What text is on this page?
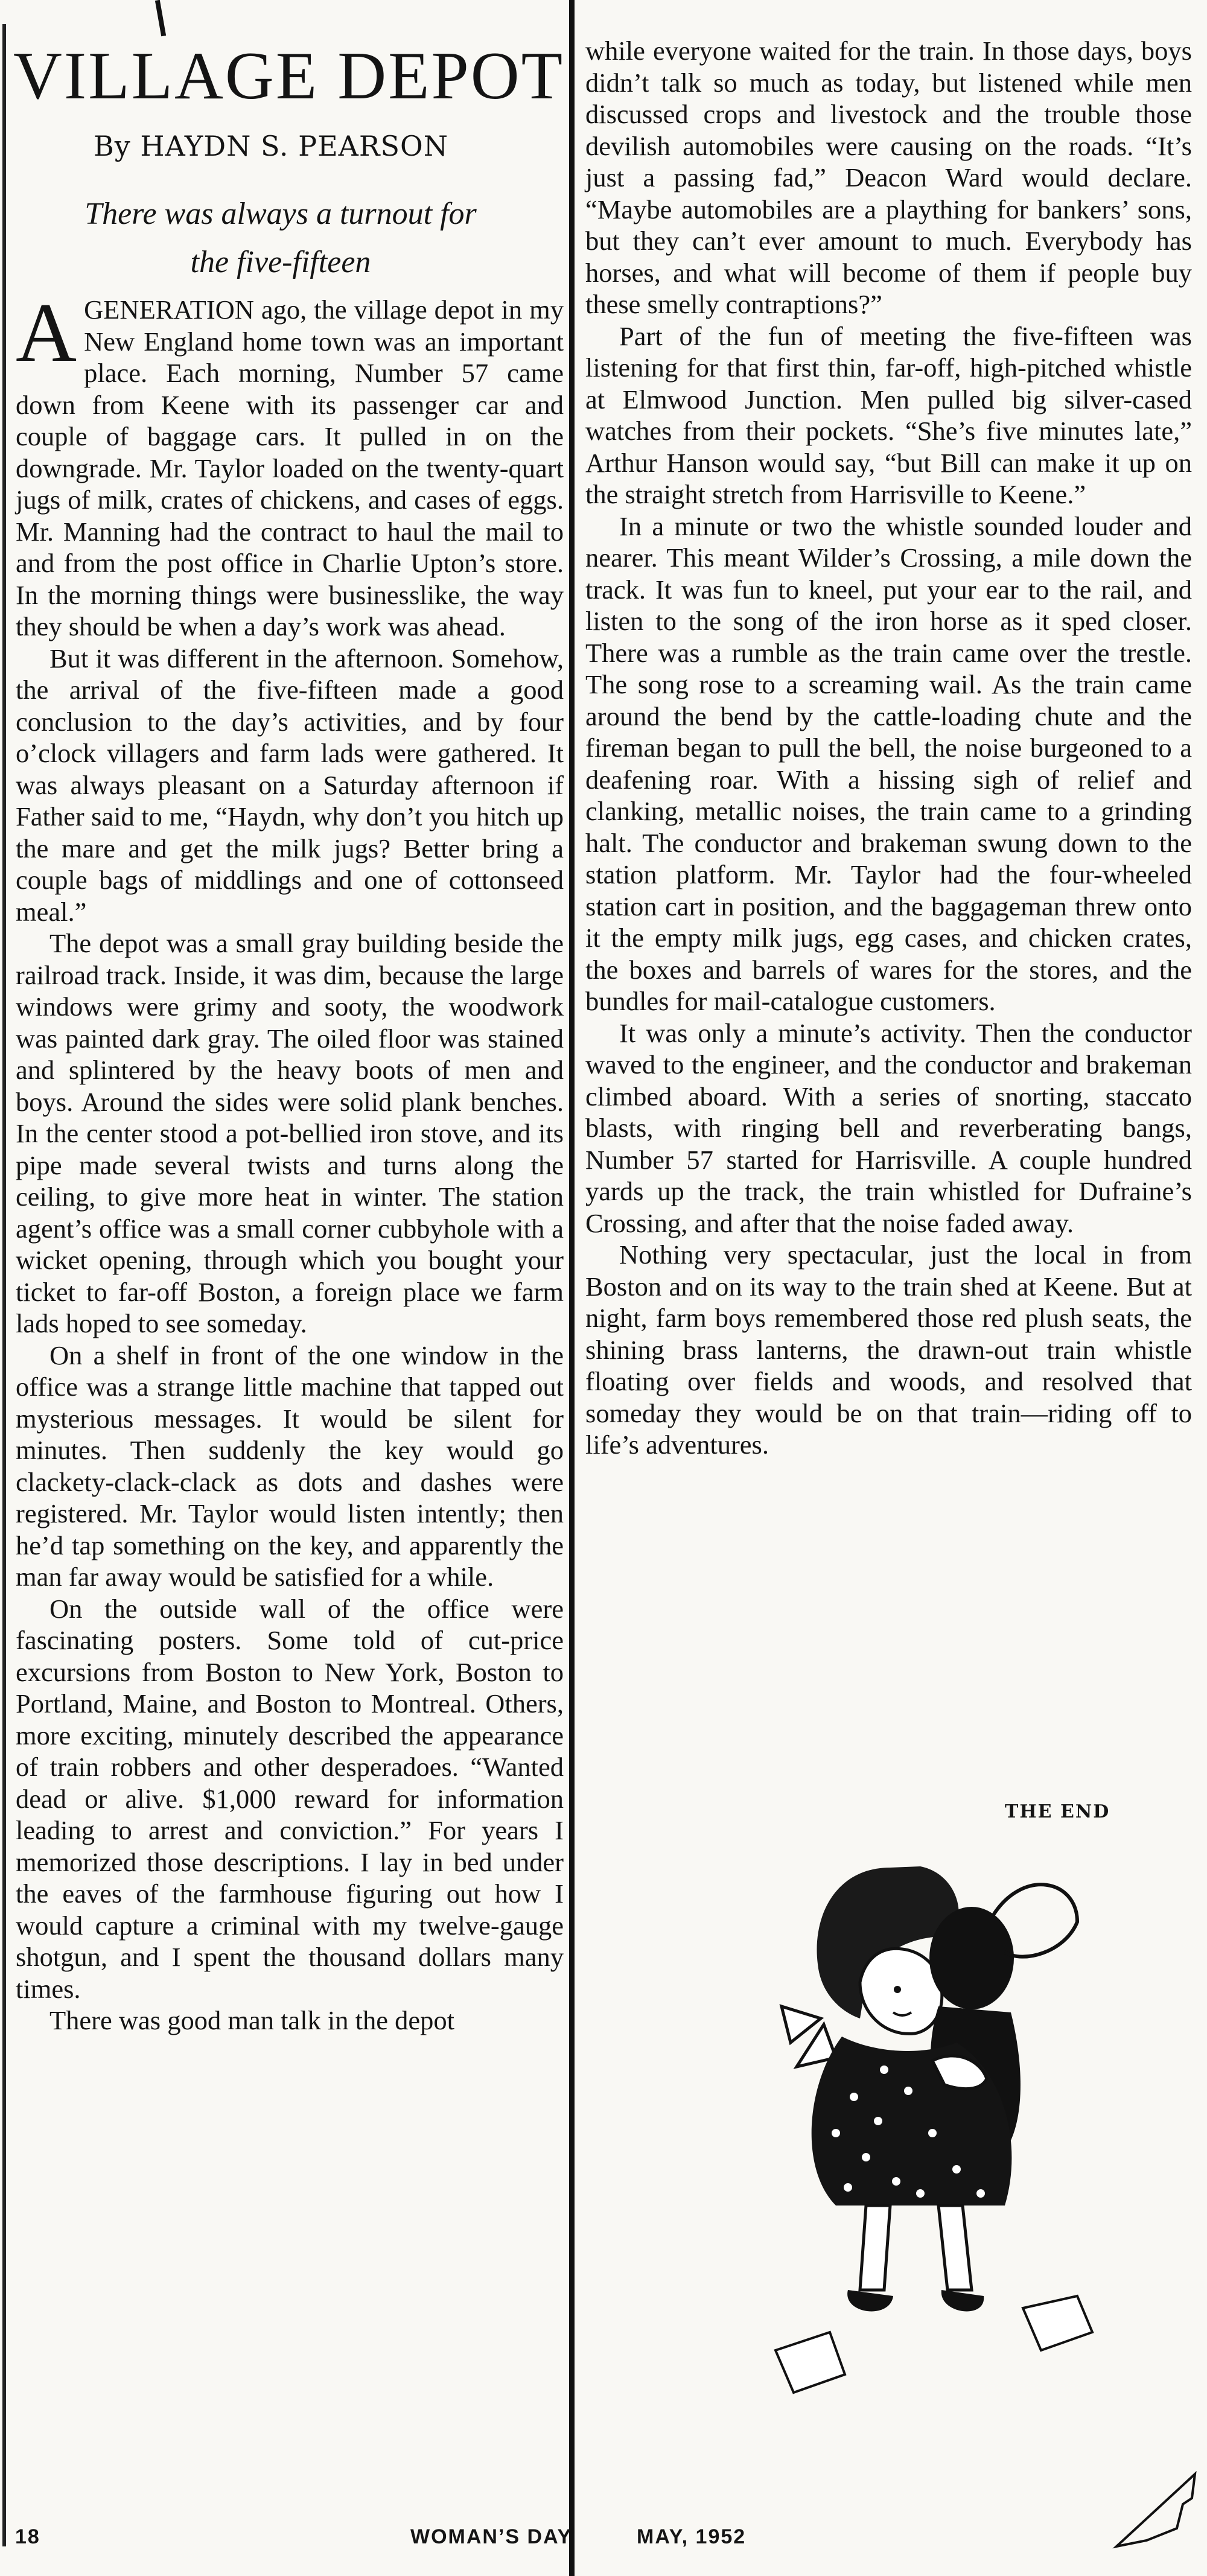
VILLAGE DEPOT

By HAYDN S. PEARSON

There was always a turnout for
the five-fifteen

A GENERATION ago, the village depot in my New England home town was an important place. Each morning, Number 57 came down from Keene with its passenger car and couple of baggage cars. It pulled in on the downgrade. Mr. Taylor loaded on the twenty-quart jugs of milk, crates of chickens, and cases of eggs. Mr. Manning had the contract to haul the mail to and from the post office in Charlie Upton’s store. In the morning things were businesslike, the way they should be when a day’s work was ahead.

But it was different in the afternoon. Somehow, the arrival of the five-fifteen made a good conclusion to the day’s activities, and by four o’clock villagers and farm lads were gathered. It was always pleasant on a Saturday afternoon if Father said to me, “Haydn, why don’t you hitch up the mare and get the milk jugs? Better bring a couple bags of middlings and one of cottonseed meal.”

The depot was a small gray building beside the railroad track. Inside, it was dim, because the large windows were grimy and sooty, the woodwork was painted dark gray. The oiled floor was stained and splintered by the heavy boots of men and boys. Around the sides were solid plank benches. In the center stood a pot-bellied iron stove, and its pipe made several twists and turns along the ceiling, to give more heat in winter. The station agent’s office was a small corner cubbyhole with a wicket opening, through which you bought your ticket to far-off Boston, a foreign place we farm lads hoped to see someday.

On a shelf in front of the one window in the office was a strange little machine that tapped out mysterious messages. It would be silent for minutes. Then suddenly the key would go clackety-clack-clack as dots and dashes were registered. Mr. Taylor would listen intently; then he’d tap something on the key, and apparently the man far away would be satisfied for a while.

On the outside wall of the office were fascinating posters. Some told of cut-price excursions from Boston to New York, Boston to Portland, Maine, and Boston to Montreal. Others, more exciting, minutely described the appearance of train robbers and other desperadoes. “Wanted dead or alive. $1,000 reward for information leading to arrest and conviction.” For years I memorized those descriptions. I lay in bed under the eaves of the farmhouse figuring out how I would capture a criminal with my twelve-gauge shotgun, and I spent the thousand dollars many times.

There was good man talk in the depot

while everyone waited for the train. In those days, boys didn’t talk so much as today, but listened while men discussed crops and livestock and the trouble those devilish automobiles were causing on the roads. “It’s just a passing fad,” Deacon Ward would declare. “Maybe automobiles are a plaything for bankers’ sons, but they can’t ever amount to much. Everybody has horses, and what will become of them if people buy these smelly contraptions?”

Part of the fun of meeting the five-fifteen was listening for that first thin, far-off, high-pitched whistle at Elmwood Junction. Men pulled big silver-cased watches from their pockets. “She’s five minutes late,” Arthur Hanson would say, “but Bill can make it up on the straight stretch from Harrisville to Keene.”

In a minute or two the whistle sounded louder and nearer. This meant Wilder’s Crossing, a mile down the track. It was fun to kneel, put your ear to the rail, and listen to the song of the iron horse as it sped closer. There was a rumble as the train came over the trestle. The song rose to a screaming wail. As the train came around the bend by the cattle-loading chute and the fireman began to pull the bell, the noise burgeoned to a deafening roar. With a hissing sigh of relief and clanking, metallic noises, the train came to a grinding halt. The conductor and brakeman swung down to the station platform. Mr. Taylor had the four-wheeled station cart in position, and the baggageman threw onto it the empty milk jugs, egg cases, and chicken crates, the boxes and barrels of wares for the stores, and the bundles for mail-catalogue customers.

It was only a minute’s activity. Then the conductor waved to the engineer, and the conductor and brakeman climbed aboard. With a series of snorting, staccato blasts, with ringing bell and reverberating bangs, Number 57 started for Harrisville. A couple hundred yards up the track, the train whistled for Dufraine’s Crossing, and after that the noise faded away.

Nothing very spectacular, just the local in from Boston and on its way to the train shed at Keene. But at night, farm boys remembered those red plush seats, the shining brass lanterns, the drawn-out train whistle floating over fields and woods, and resolved that someday they would be on that train—riding off to life’s adventures.

THE END
18	WOMAN’S DAY	MAY, 1952
